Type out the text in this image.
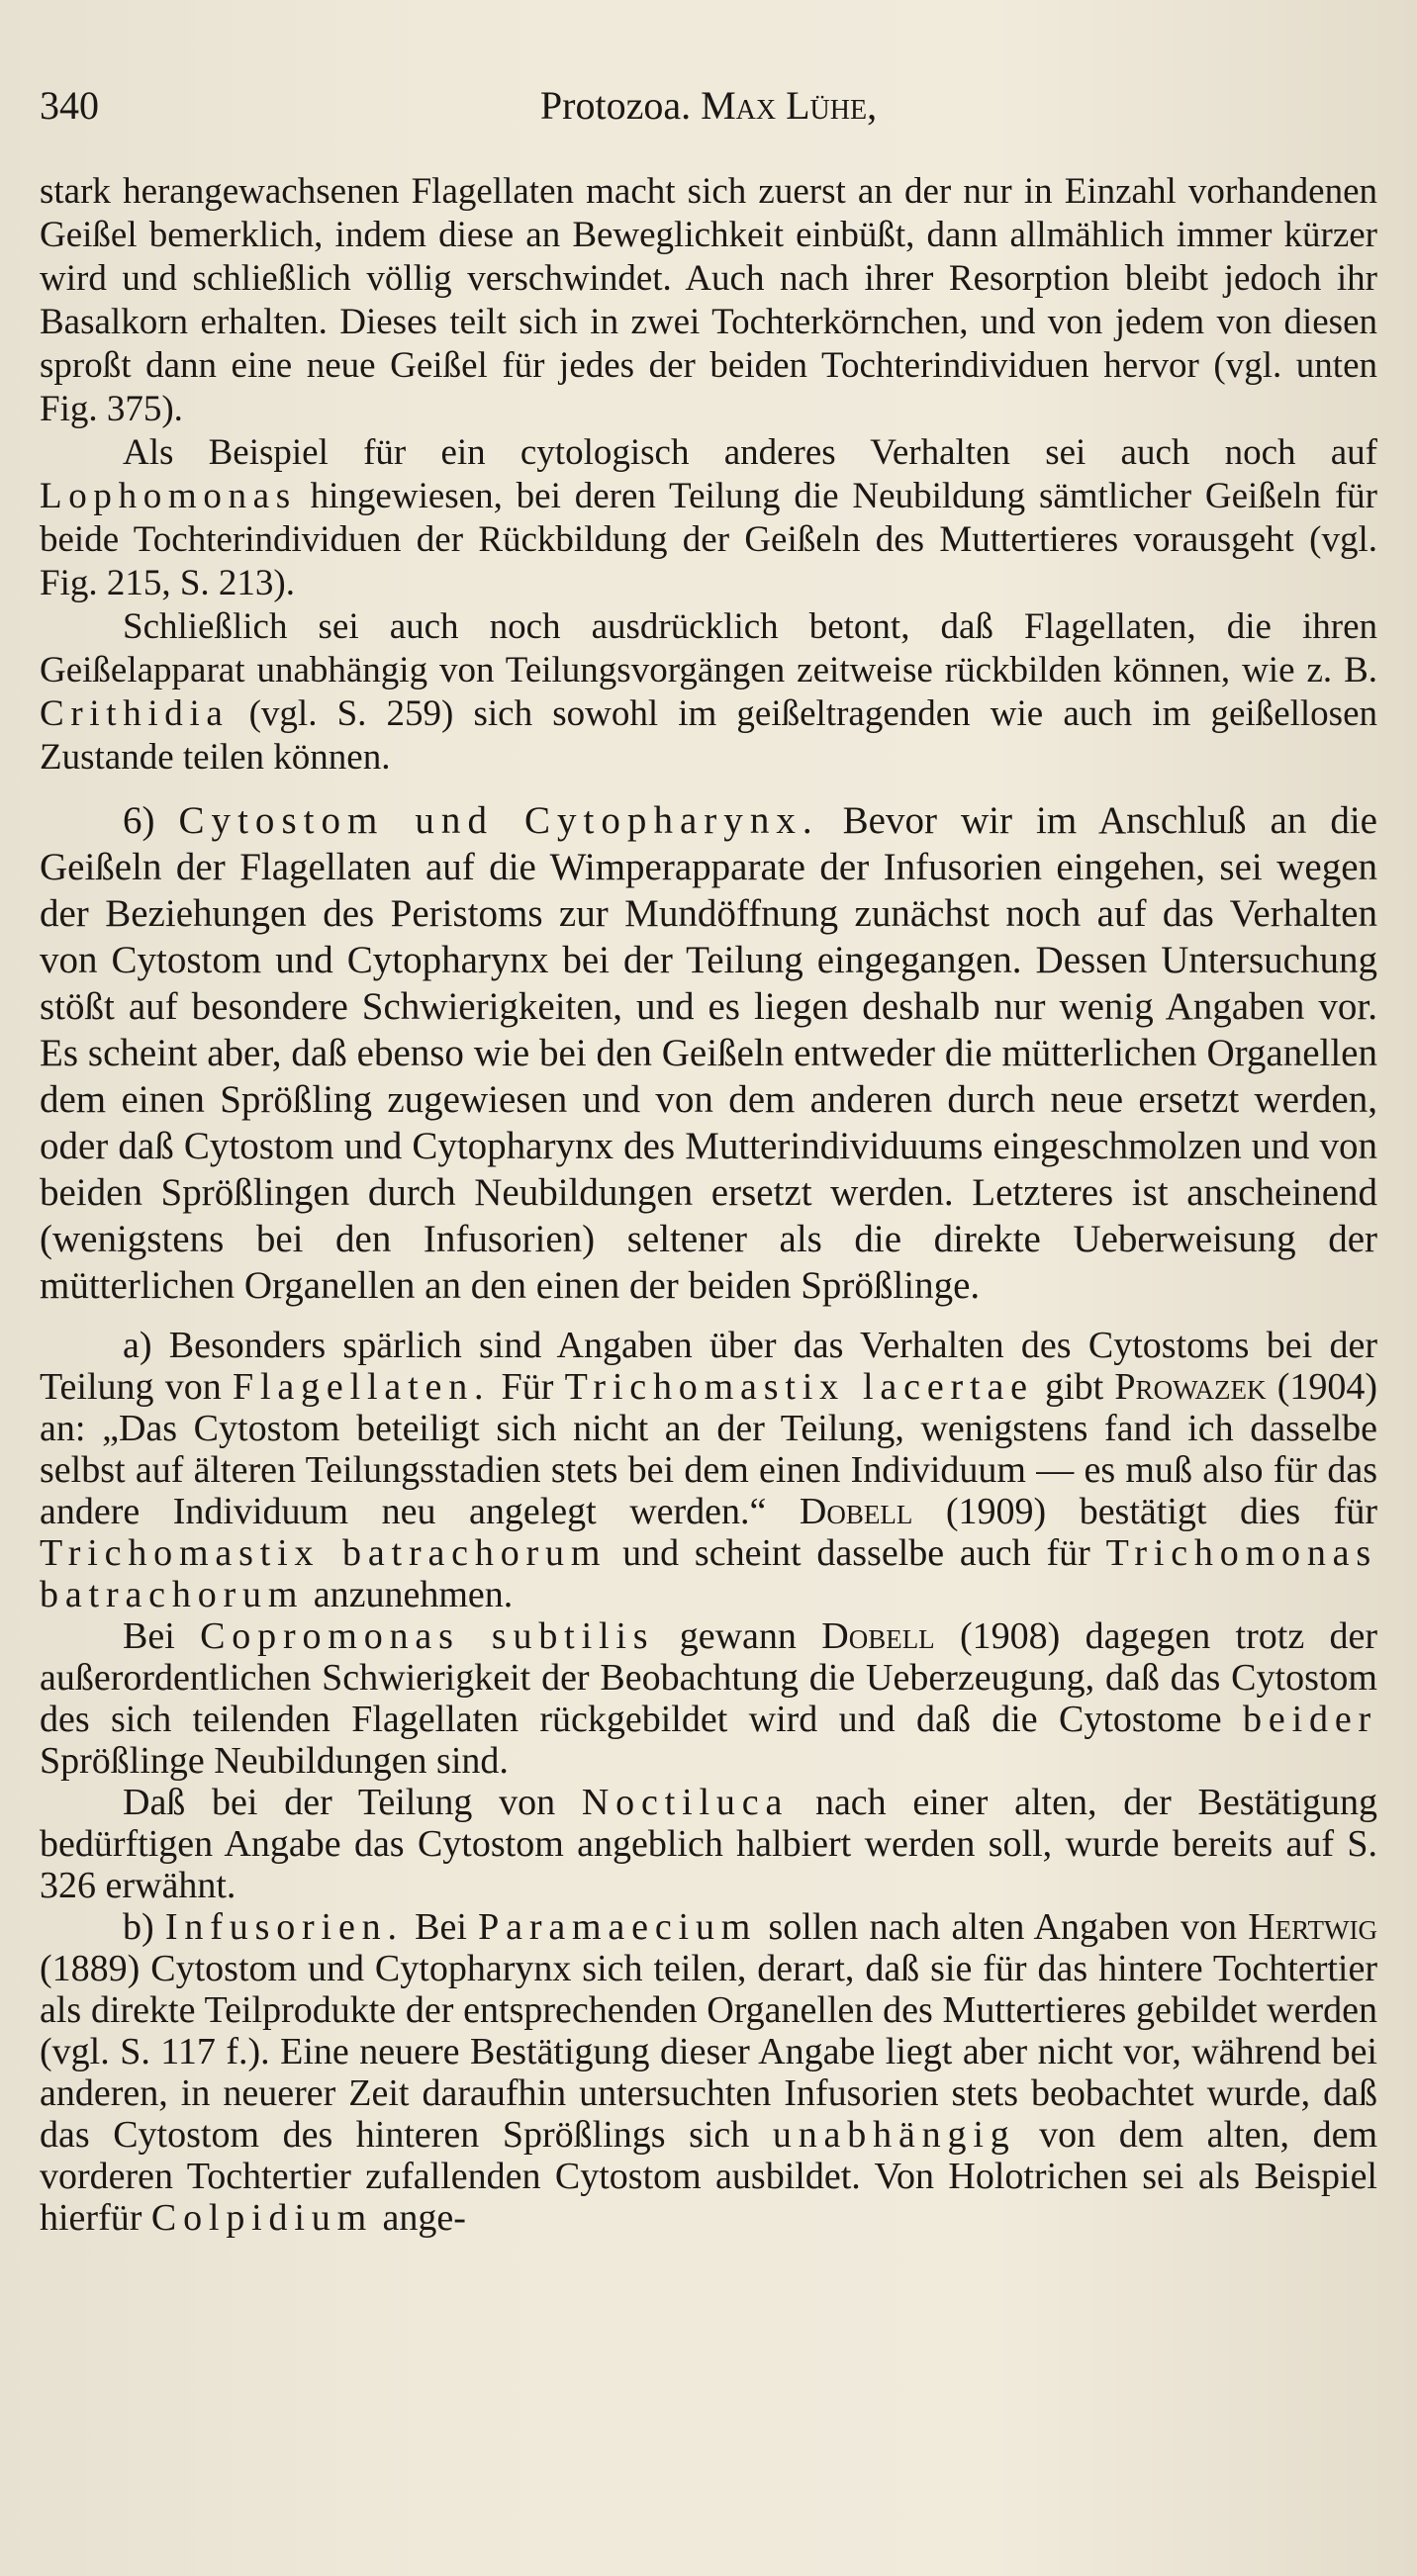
340	Protozoa. Max Lühe,

stark herangewachsenen Flagellaten macht sich zuerst an der nur in Einzahl vorhandenen Geißel bemerklich, indem diese an Beweglichkeit einbüßt, dann allmählich immer kürzer wird und schließlich völlig verschwindet. Auch nach ihrer Resorption bleibt jedoch ihr Basalkorn erhalten. Dieses teilt sich in zwei Tochterkörnchen, und von jedem von diesen sproßt dann eine neue Geißel für jedes der beiden Tochterindividuen hervor (vgl. unten Fig. 375).

Als Beispiel für ein cytologisch anderes Verhalten sei auch noch auf Lophomonas hingewiesen, bei deren Teilung die Neubildung sämtlicher Geißeln für beide Tochterindividuen der Rückbildung der Geißeln des Muttertieres vorausgeht (vgl. Fig. 215, S. 213).

Schließlich sei auch noch ausdrücklich betont, daß Flagellaten, die ihren Geißelapparat unabhängig von Teilungsvorgängen zeitweise rückbilden können, wie z. B. Crithidia (vgl. S. 259) sich sowohl im geißeltragenden wie auch im geißellosen Zustande teilen können.

6) Cytostom und Cytopharynx. Bevor wir im Anschluß an die Geißeln der Flagellaten auf die Wimperapparate der Infusorien eingehen, sei wegen der Beziehungen des Peristoms zur Mundöffnung zunächst noch auf das Verhalten von Cytostom und Cytopharynx bei der Teilung eingegangen. Dessen Untersuchung stößt auf besondere Schwierigkeiten, und es liegen deshalb nur wenig Angaben vor. Es scheint aber, daß ebenso wie bei den Geißeln entweder die mütterlichen Organellen dem einen Sprößling zugewiesen und von dem anderen durch neue ersetzt werden, oder daß Cytostom und Cytopharynx des Mutterindividuums eingeschmolzen und von beiden Sprößlingen durch Neubildungen ersetzt werden. Letzteres ist anscheinend (wenigstens bei den Infusorien) seltener als die direkte Ueberweisung der mütterlichen Organellen an den einen der beiden Sprößlinge.

a) Besonders spärlich sind Angaben über das Verhalten des Cytostoms bei der Teilung von Flagellaten. Für Trichomastix lacertae gibt Prowazek (1904) an: „Das Cytostom beteiligt sich nicht an der Teilung, wenigstens fand ich dasselbe selbst auf älteren Teilungsstadien stets bei dem einen Individuum — es muß also für das andere Individuum neu angelegt werden.“ Dobell (1909) bestätigt dies für Trichomastix batrachorum und scheint dasselbe auch für Trichomonas batrachorum anzunehmen.

Bei Copromonas subtilis gewann Dobell (1908) dagegen trotz der außerordentlichen Schwierigkeit der Beobachtung die Ueberzeugung, daß das Cytostom des sich teilenden Flagellaten rückgebildet wird und daß die Cytostome beider Sprößlinge Neubildungen sind.

Daß bei der Teilung von Noctiluca nach einer alten, der Bestätigung bedürftigen Angabe das Cytostom angeblich halbiert werden soll, wurde bereits auf S. 326 erwähnt.

b) Infusorien. Bei Paramaecium sollen nach alten Angaben von Hertwig (1889) Cytostom und Cytopharynx sich teilen, derart, daß sie für das hintere Tochtertier als direkte Teilprodukte der entsprechenden Organellen des Muttertieres gebildet werden (vgl. S. 117 f.). Eine neuere Bestätigung dieser Angabe liegt aber nicht vor, während bei anderen, in neuerer Zeit daraufhin untersuchten Infusorien stets beobachtet wurde, daß das Cytostom des hinteren Sprößlings sich unabhängig von dem alten, dem vorderen Tochtertier zufallenden Cytostom ausbildet. Von Holotrichen sei als Beispiel hierfür Colpidium ange-
